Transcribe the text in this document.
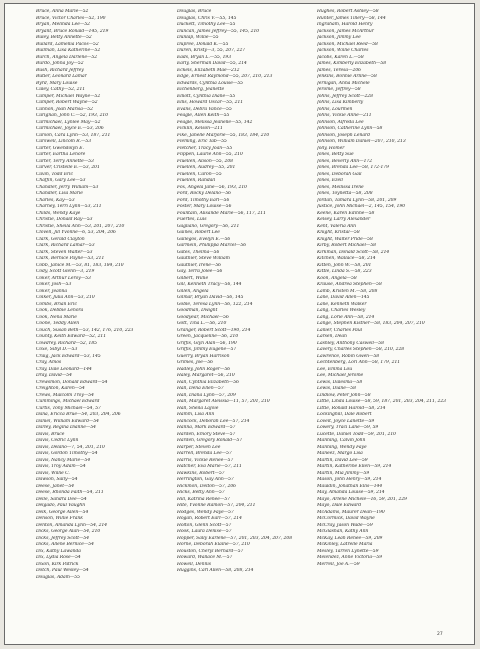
Bruce, Anna Marie—52
Bruce, Victor Charles—52, 190
Bryan, Melinda Lee—52
Bryant, Bruce Ronald—145, 219
Buley, Betty Annette—52
Bullard, Lamellia Pacos—52
Bullman, Lisa Katherine—52
Burch, Angela Darlene—52
Burdo, Johna Joy—52
Bush, Richard Jeffrey
Butler, Leonard Lamar
Byrd, Mary Louise
Caley, Cathy—52, 211
Camper, Michael Wayne—52
Camper, Robert Wayne—52
Cannon, Joan Marisa—52
Carignan, John C.—52, 193, 210
Carmichael, Lynlee May—52
Carmichael, Joyce E.—53, 206
Carson, Cara Lynn—53, 187, 211
Carswell, Lincoln R.—53
Carter, Gwendolyn E.
Carter, Eartha Lenore
Carter, Terry Annette—53
Carver, Cristelle E.—53, 201
Cavin, Todd Eric
Chaffin, Gary Lee—53
Chandler, Jerry William—53
Chandler, Lisa Marie
Charles, Kay—53
Charney, Terri Lynn—53, 211
Childs, Wendy Kaye
Christie, Donald Ray—53
Christie, Sheila Ann—53, 201, 207, 210
Clovell, Jill Yvonne—6, 53, 204, 206
Clark, Gerald Clayton
Clark, Richard Lamar—53
Clark, Steven Walter—53
Clark, Bernice Payne—53, 211
Cobb, Janice M.—53, 81, 183, 184, 210
Cody, Scott Glenn—3, 219
Coker, Arthur Leroy—53
Coker, Josh—53
Coker, Jeanna
Colker, Julia Ann—53, 210
Combs, Brian Eric
Cook, Debbie Lenora
Cook, Nena Marie
Coone, Teddy Allen
Couch, Susan Beth—53, 142, 176, 210, 223
County, Keith Edward—52, 211
Cowdrey, Richard—52, 185
Coxe, Sibyl D.—53
Craig, Jack Edward—53, 145
Cray, Amos
Cray, Dale Leonard—144
Dray, David—54
Crewsmon, Donald Edward—54
Creighton, Karen—54
Crews, Malcolm Troy—54
Cummings, Michael Edward
Curtis, Tony Michael—54, 57
Dana, Ericca Brue—54, 203, 204, 206
Daniel, William Edward—54
Darley, Regina Dianne—54
Davis, Bruce
Davis, Cedric Lynn
Davis, Delano—7, 54, 201, 210
Davis, Gordon Timothy—54
Davis, Nancy Marie—54
Davis, Troy Adam—54
Davis, Willie C.
Dawson, Sally—54
Deese, Janet—54
Deese, Rhonda Faith—54, 211
Delle, Sandra Dee—54
Delgado, Paul Vaughn
Delk, George Allen—54
Denson, Willie Frank
Denton, Amanda Lynn—54, 214
Dicks, George Alan—54, 210
Dicks, Jeffrey Scott—54
Dicks, Allene Bernice—54
Dix, Kathy Lawanda
Dix, Lydia Rose—54
Dixon, Kirk Patrick
Dotch, Paul Wesley—54
Douglas, Adam—55
Douglas, Bruce
Douglas, Chris V.—55, 145
Duckett, Timothy Lee—55
Duncan, James Jeffrey—55, 145, 210
Dunlap, Willie—55
Dupree, Donald K.—55
Duren, Kristy—3, 55, 207, 227
Eads, Bryan L.—55, 193
Early, Sherman David—55, 214
Eckels, Elizabeth Mae—212
Edge, Ernest Raymond—55, 207, 210, 213
Edwards, Cynthia Louise—55
Eichenberg, Jeanette
Elliott, Cynthia Diane—55
Ellis, Howard Oscar—55, 211
Evans, Debra Vance—55
Feagle, Allen Keith—55
Feagle, Melissa Jeanelle—55, 142
Ficklin, Kelson—211
Fike, Janelle Marjorie—55, 183, 184, 210
Fleming, Eric Tab—55
Fletcher, Tracy Joan—55
Flippen, Laurie Ann—55, 210
Fluellen, Alison—55, 208
Fluellen, Audrey—55, 201
Fluellen, Caron—55
Fluellen, Randall
Fox, Angela Jane—56, 193, 210
Ford, Rocky Delano—56
Ford, Timothy Earl—56
Foster, Mary Louise—56
Fountain, Alisande Marie—56, 117, 211
Fuertes, Luis
Gagliano, Gregory—56, 211
Gaines, Robert Lee
Gallegos, Evelyn E.—56
Garmein, Phillippa Marcel—56
Gates, Thelma—56
Gauthier, Steve William
Gauthier, Irene—56
Gay, Terra Jolee—56
Gilbert, Willie
Gill, Kenneth Tracy—56, 144
Gillen, Angela
Gilmar, Bryan David—56, 145
Goble, Teresa Lynn—56, 122, 214
Goodman, Dwight
Goodyear, Michael—56
Gott, Tina L.—56, 210
Granger, Robert Scott—190, 214
Green, Jacqueline—56, 210
Griffis, Glyn Alan—56, 190
Griffis, Jimmy Eugene—57
Guerry, Bryan Harrison
Grimes, Joe—56
Hadley, John Roger—56
Haley, Margaret—56, 210
Hall, Cynthia Elizabeth—56
Hall, Dena Ellen—57
Hall, Diana Lynn—57, 209
Hall, Margaret Aleissia—11, 57, 201, 210
Hall, Sheila LaJoie
Hamm, Lisa Ann
Hancock, Deborah Lee—57, 214
Hanna, Mark Edward—57
Harden, Emory Steve—57
Harden, Gregory Ronald—57
Harper, Steven Lee
Harrell, Brenda Lee—57
Harris, Vickie Renee—57
Hatcher, Eva Marie—57, 211
Hawkins, Robert—57
Herrington, Gay Ann—57
Hickmon, Delton—57, 206
Hicks, Betty Ann—57
Hill, Katrina Renee—57
Hite, Yvonne Ramon—57, 204, 211
Hodges, Wendy Faye—57
Hogan, Robert Earl—57, 214
Holton, Glenn Scott—57
Hook, Laura Denise—57
Hopper, Sally Earlene—57, 201, 203, 204, 207, 208
Horne, Deborah Elaine—57, 210
Houston, Cheryl Bernard—57
Howard, Wallace M.—57
Howell, Dennis
Huggins, Carl Allen—58, 208, 214
Hughes, Robert Ashley—58
Hunter, James Tillery—58, 144
Ingraham, Harold Henry
Jackson, James McArthur
Jackson, Jimmy Lee
Jackson, Michael Reed—58
Jackson, Willie Charles
Jacobs, Karen L.—58
James, Kimberly Elizabeth—58
James, Teresa—206
Jenkins, Bonnie Arline—58
Jernigan, Anna Michele
Jerome, Jeffrey—58
Johns, Jeffrey Scott—228
Johns, Lisa Kimberly
Johns, Lourmen
Johns, Vickie Anne—211
Johnson, Alfreda Lee
Johnson, Catherine Lynn—58
Johnson, Joseph Lenard
Johnson, William Daniel—207, 210, 213
Jolly, Homer
Jones, Betty Sue
Jones, Beverly Ann—172
Jones, Brenda Lee—58, 172-179
Jones, Deborah Gail
Jones, Ezell
Jones, Mellissa Irene
Jones, Toynetta—58, 208
Jordan, Tamara Lynn—58, 201, 209
Justice, John Michael—2, 145, 154, 190
Keene, Karen Edinne—58
Kelsey, Larry Alexander
Kent, Valeria Ann
Knight, Kristal—58
Knight, Walter Pride—58
Kirby, Robert Michael—58
Kirkman, Donald Scott—58, 214
Kitchen, Wallace—58, 214
Kitten, John W.—58, 201
Kittle, Linda S.—58, 223
Koon, Angela—58
Krause, Andrea Stephen—58
Lamb, Kristen M.—58, 208
Lane, David Allen—145
Lane, Kenneth Walker
Lang, Charles Wesley
Lang, Lorie Ann—58, 214
Lange, Stephen Kistner—58, 183, 204, 207, 210
Lanier, Charles Paul
Larsen, Dean
Lashley, Anthony Caswell—58
Lavery, Charles Stephen—58, 210, 228
Lawrence, Robin Gwen—58
Lechtenberg, Lori Ann—58, 179, 211
Lee, Emma Lou
Lee, Michael Jerome
Lewis, Dalesma—58
Lewis, Diane—58
Lindlow, Peter John—58
Little, Linda Louise—58, 59, 187, 201, 203, 204, 211, 223
Little, Ronald Harold—58, 214
Lockinghill, Dale Robert
Loveit, Joyce Lanette—59
Lowery, Traci Lane—59, 59
Lucette, Daniel Todd—59, 201, 210
Manning, Calvin John
Manning, Wendy Faye
Maneez, Margo Lisa
Martin, David Lee—59
Martin, Katherine Ellen—59, 214
Martin, Mia Jimmy—59
Mason, John Henry—59, 214
Mauldin, Jonathan Ellis—144
May, Amanda Louise—59, 214
Mayo, Arlene Michele—16, 59, 201, 229
Mayo, Dale Edward
McAdams, Maurer Dean—190
McCormick, David Wayne
McCray, Jason Wade—59
McGlashan, Kathy Ann
McKay, Leah Renee—59, 209
McKinley, Latrelle Maria
Mesley, Tarren Lynette—59
Melendez, Anne Victoria—59
Merrell, Joe A.—59
27
